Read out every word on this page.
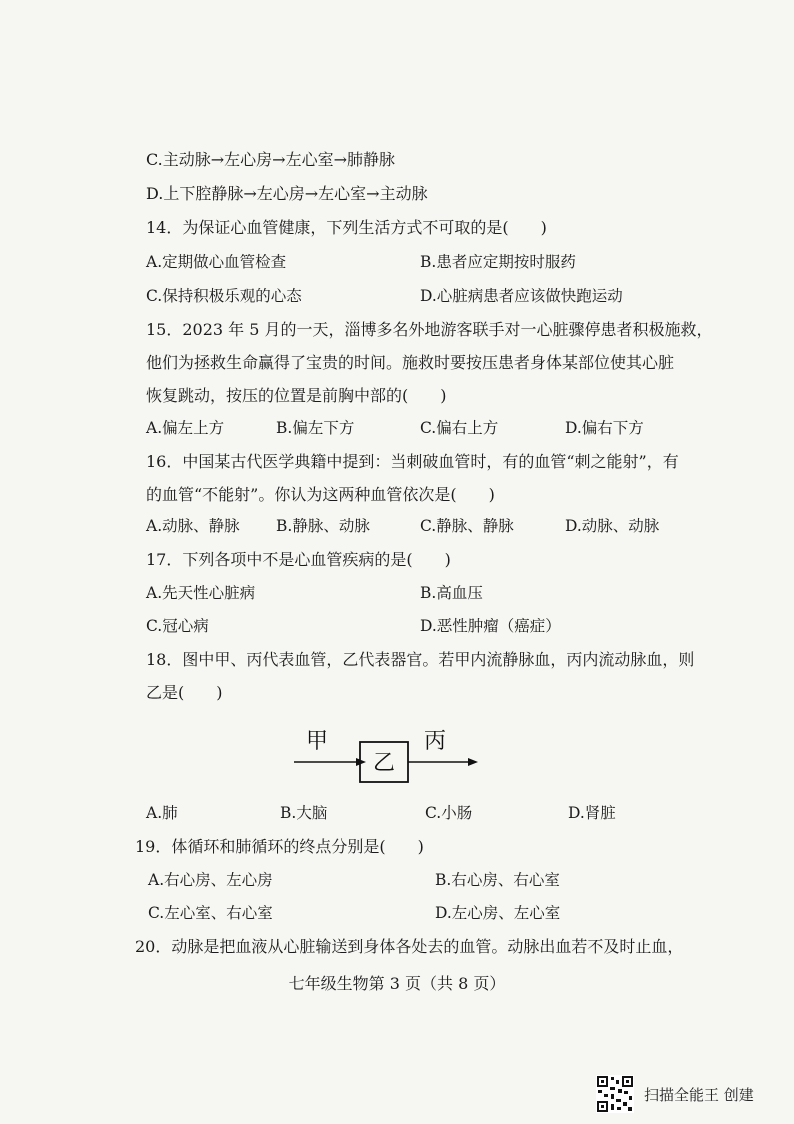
C.主动脉→左心房→左心室→肺静脉
D.上下腔静脉→左心房→左心室→主动脉
14．为保证心血管健康，下列生活方式不可取的是(　　)
A.定期做心血管检查	B.患者应定期按时服药
C.保持积极乐观的心态	D.心脏病患者应该做快跑运动
15．2023 年 5 月的一天，淄博多名外地游客联手对一心脏骤停患者积极施救，
他们为拯救生命赢得了宝贵的时间。施救时要按压患者身体某部位使其心脏
恢复跳动，按压的位置是前胸中部的(　　)
A.偏左上方	B.偏左下方	C.偏右上方	D.偏右下方
16．中国某古代医学典籍中提到：当刺破血管时，有的血管“刺之能射”，有
的血管“不能射”。你认为这两种血管依次是(　　)
A.动脉、静脉 B.静脉、动脉	C.静脉、静脉	D.动脉、动脉
17．下列各项中不是心血管疾病的是(　　)
A.先天性心脏病	B.高血压
C.冠心病	D.恶性肿瘤（癌症）
18．图中甲、丙代表血管，乙代表器官。若甲内流静脉血，丙内流动脉血，则
乙是(　　)
甲
乙
丙
A.肺	B.大脑	C.小肠	D.肾脏
19．体循环和肺循环的终点分别是(　　)
A.右心房、左心房	B.右心房、右心室
C.左心室、右心室	D.左心房、左心室
20．动脉是把血液从心脏输送到身体各处去的血管。动脉出血若不及时止血，
七年级生物第 3 页（共 8 页）
扫描全能王 创建
